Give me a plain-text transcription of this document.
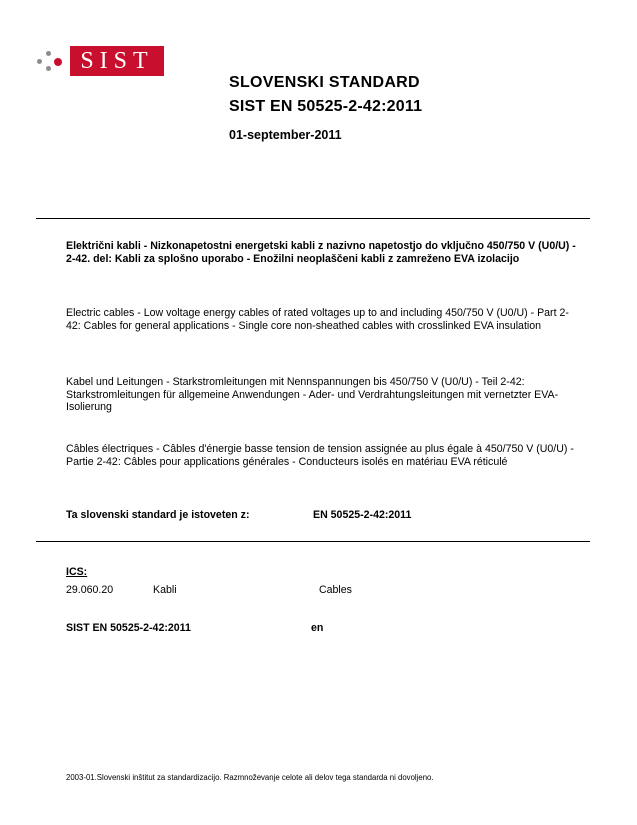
SIST
SLOVENSKI STANDARD
SIST EN 50525-2-42:2011
01-september-2011
Električni kabli - Nizkonapetostni energetski kabli z nazivno napetostjo do vključno 450/750 V (U0/U) - 2-42. del: Kabli za splošno uporabo - Enožilni neoplaščeni kabli z zamreženo EVA izolacijo
Electric cables - Low voltage energy cables of rated voltages up to and including 450/750 V (U0/U) - Part 2-42: Cables for general applications - Single core non-sheathed cables with crosslinked EVA insulation
Kabel und Leitungen - Starkstromleitungen mit Nennspannungen bis 450/750 V (U0/U) - Teil 2-42: Starkstromleitungen für allgemeine Anwendungen - Ader- und Verdrahtungsleitungen mit vernetzter EVA-Isolierung
Câbles électriques - Câbles d'énergie basse tension de tension assignée au plus égale à 450/750 V (U0/U) - Partie 2-42: Câbles pour applications générales - Conducteurs isolés en matériau EVA réticulé
Ta slovenski standard je istoveten z:	EN 50525-2-42:2011
ICS:
29.060.20	Kabli	Cables
SIST EN 50525-2-42:2011	en
2003-01.Slovenski inštitut za standardizacijo. Razmnoževanje celote ali delov tega standarda ni dovoljeno.
